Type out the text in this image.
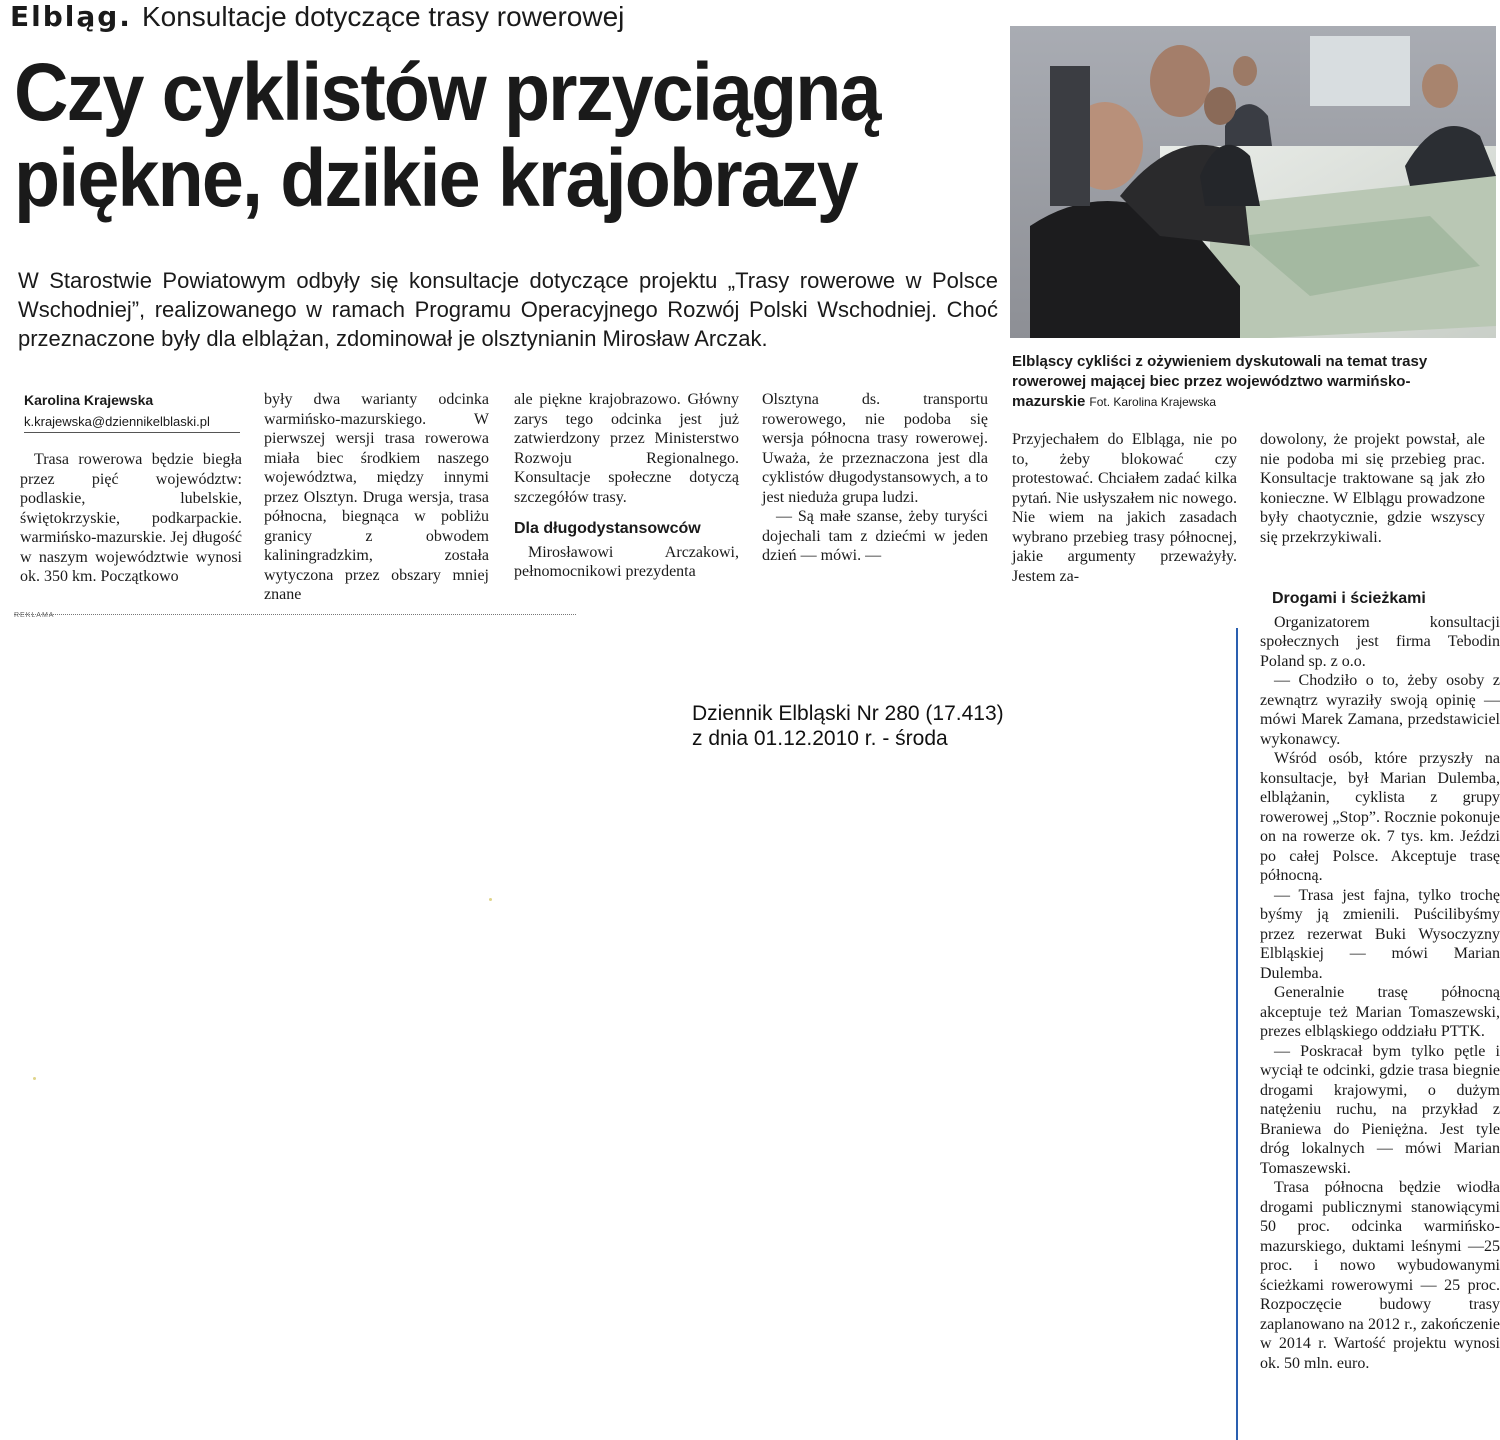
Elbląg. Konsultacje dotyczące trasy rowerowej
Czy cyklistów przyciągną
piękne, dzikie krajobrazy
W Starostwie Powiatowym odbyły się konsultacje dotyczące projektu „Trasy rowerowe w Polsce Wschodniej”, realizowanego w ramach Programu Operacyjnego Rozwój Polski Wschodniej. Choć przeznaczone były dla elblążan, zdominował je olsztynianin Mirosław Arczak.
Elbląscy cykliści z ożywieniem dyskutowali na temat trasy rowerowej mającej biec przez województwo warmińsko-mazurskie Fot. Karolina Krajewska
Karolina Krajewska
k.krajewska@dziennikelblaski.pl

Trasa rowerowa będzie biegła przez pięć województw: podlaskie, lubelskie, świętokrzyskie, podkarpackie. warmińsko-mazurskie. Jej długość w naszym województwie wynosi ok. 350 km. Początkowo

były dwa warianty odcinka warmińsko-mazurskiego. W pierwszej wersji trasa rowerowa miała biec środkiem naszego województwa, między innymi przez Olsztyn. Druga wersja, trasa północna, biegnąca w pobliżu granicy z obwodem kaliningradzkim, została wytyczona przez obszary mniej znane

ale piękne krajobrazowo. Główny zarys tego odcinka jest już zatwierdzony przez Ministerstwo Rozwoju Regionalnego. Konsultacje społeczne dotyczą szczegółów trasy.

Dla długodystansowców

Mirosławowi Arczakowi, pełnomocnikowi prezydenta

Olsztyna ds. transportu rowerowego, nie podoba się wersja północna trasy rowerowej. Uważa, że przeznaczona jest dla cyklistów długodystansowych, a to jest niedużа grupa ludzi.

— Są małe szanse, żeby turyści dojechali tam z dziećmi w jeden dzień — mówi. —

Przyjechałem do Elbląga, nie po to, żeby blokować czy protestować. Chciałem zadać kilka pytań. Nie usłyszałem nic nowego. Nie wiem na jakich zasadach wybrano przebieg trasy północnej, jakie argumenty przeważyły. Jestem za-

dowolony, że projekt powstał, ale nie podoba mi się przebieg prac. Konsultacje traktowane są jak zło konieczne. W Elblągu prowadzone były chaotycznie, gdzie wszyscy się przekrzykiwali.

Drogami i ścieżkami

Organizatorem konsultacji społecznych jest firma Tebodin Poland sp. z o.o.

— Chodziło o to, żeby osoby z zewnątrz wyraziły swoją opinię — mówi Marek Zamana, przedstawiciel wykonawcy.

Wśród osób, które przyszły na konsultacje, był Marian Dulemba, elblążanin, cyklista z grupy rowerowej „Stop”. Rocznie pokonuje on na rowerze ok. 7 tys. km. Jeździ po całej Polsce. Akceptuje trasę północną.

— Trasa jest fajna, tylko trochę byśmy ją zmienili. Puścilibyśmy przez rezerwat Buki Wysoczyzny Elbląskiej — mówi Marian Dulemba.

Generalnie trasę północną akceptuje też Marian Tomaszewski, prezes elbląskiego oddziału PTTK.

— Poskracał bym tylko pętle i wyciął te odcinki, gdzie trasa biegnie drogami krajowymi, o dużym natężeniu ruchu, na przykład z Braniewa do Pieniężna. Jest tyle dróg lokalnych — mówi Marian Tomaszewski.

Trasa północna będzie wiodła drogami publicznymi stanowiącymi 50 proc. odcinka warmińsko-mazurskiego, duktami leśnymi —25 proc. i nowo wybudowanymi ścieżkami rowerowymi — 25 proc. Rozpoczęcie budowy trasy zaplanowano na 2012 r., zakończenie w 2014 r. Wartość projektu wynosi ok. 50 mln. euro.

REKLAMA
Dziennik Elbląski Nr 280 (17.413)
z dnia 01.12.2010 r. - środa
